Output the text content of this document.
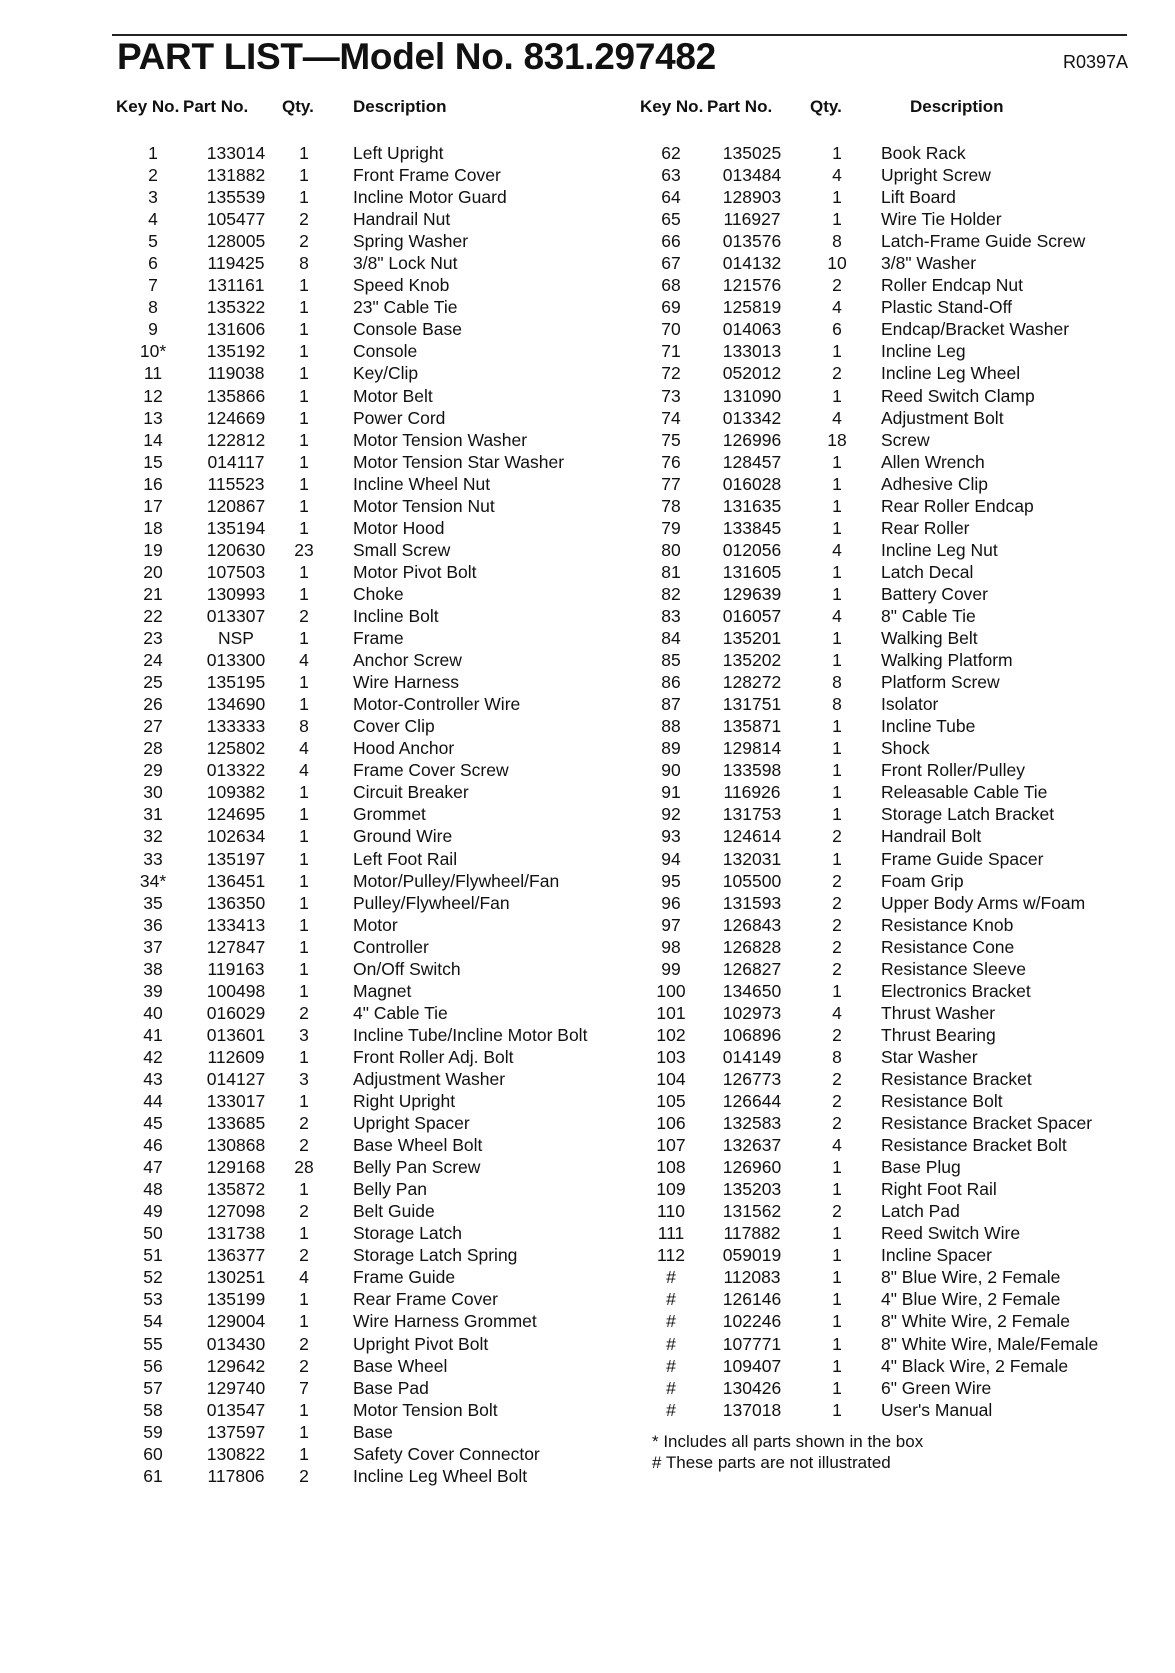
PART LIST—Model No. 831.297482	R0397A
Key No. Part No. Qty. Description	Key No. Part No. Qty.	Description
1	133014	1	Left Upright
2	131882	1	Front Frame Cover
3	135539	1	Incline Motor Guard
4	105477	2	Handrail Nut
5	128005	2	Spring Washer
6	119425	8	3/8" Lock Nut
7	131161	1	Speed Knob
8	135322	1	23" Cable Tie
9	131606	1	Console Base
10*	135192	1	Console
11	119038	1	Key/Clip
12	135866	1	Motor Belt
13	124669	1	Power Cord
14	122812	1	Motor Tension Washer
15	014117	1	Motor Tension Star Washer
16	115523	1	Incline Wheel Nut
17	120867	1	Motor Tension Nut
18	135194	1	Motor Hood
19	120630	23	Small Screw
20	107503	1	Motor Pivot Bolt
21	130993	1	Choke
22	013307	2	Incline Bolt
23	NSP	1	Frame
24	013300	4	Anchor Screw
25	135195	1	Wire Harness
26	134690	1	Motor-Controller Wire
27	133333	8	Cover Clip
28	125802	4	Hood Anchor
29	013322	4	Frame Cover Screw
30	109382	1	Circuit Breaker
31	124695	1	Grommet
32	102634	1	Ground Wire
33	135197	1	Left Foot Rail
34*	136451	1	Motor/Pulley/Flywheel/Fan
35	136350	1	Pulley/Flywheel/Fan
36	133413	1	Motor
37	127847	1	Controller
38	119163	1	On/Off Switch
39	100498	1	Magnet
40	016029	2	4" Cable Tie
41	013601	3	Incline Tube/Incline Motor Bolt
42	112609	1	Front Roller Adj. Bolt
43	014127	3	Adjustment Washer
44	133017	1	Right Upright
45	133685	2	Upright Spacer
46	130868	2	Base Wheel Bolt
47	129168	28	Belly Pan Screw
48	135872	1	Belly Pan
49	127098	2	Belt Guide
50	131738	1	Storage Latch
51	136377	2	Storage Latch Spring
52	130251	4	Frame Guide
53	135199	1	Rear Frame Cover
54	129004	1	Wire Harness Grommet
55	013430	2	Upright Pivot Bolt
56	129642	2	Base Wheel
57	129740	7	Base Pad
58	013547	1	Motor Tension Bolt
59	137597	1	Base
60	130822	1	Safety Cover Connector
61	117806	2	Incline Leg Wheel Bolt
62	135025	1	Book Rack
63	013484	4	Upright Screw
64	128903	1	Lift Board
65	116927	1	Wire Tie Holder
66	013576	8	Latch-Frame Guide Screw
67	014132	10	3/8" Washer
68	121576	2	Roller Endcap Nut
69	125819	4	Plastic Stand-Off
70	014063	6	Endcap/Bracket Washer
71	133013	1	Incline Leg
72	052012	2	Incline Leg Wheel
73	131090	1	Reed Switch Clamp
74	013342	4	Adjustment Bolt
75	126996	18	Screw
76	128457	1	Allen Wrench
77	016028	1	Adhesive Clip
78	131635	1	Rear Roller Endcap
79	133845	1	Rear Roller
80	012056	4	Incline Leg Nut
81	131605	1	Latch Decal
82	129639	1	Battery Cover
83	016057	4	8" Cable Tie
84	135201	1	Walking Belt
85	135202	1	Walking Platform
86	128272	8	Platform Screw
87	131751	8	Isolator
88	135871	1	Incline Tube
89	129814	1	Shock
90	133598	1	Front Roller/Pulley
91	116926	1	Releasable Cable Tie
92	131753	1	Storage Latch Bracket
93	124614	2	Handrail Bolt
94	132031	1	Frame Guide Spacer
95	105500	2	Foam Grip
96	131593	2	Upper Body Arms w/Foam
97	126843	2	Resistance Knob
98	126828	2	Resistance Cone
99	126827	2	Resistance Sleeve
100	134650	1	Electronics Bracket
101	102973	4	Thrust Washer
102	106896	2	Thrust Bearing
103	014149	8	Star Washer
104	126773	2	Resistance Bracket
105	126644	2	Resistance Bolt
106	132583	2	Resistance Bracket Spacer
107	132637	4	Resistance Bracket Bolt
108	126960	1	Base Plug
109	135203	1	Right Foot Rail
110	131562	2	Latch Pad
111	117882	1	Reed Switch Wire
112	059019	1	Incline Spacer
#	112083	1	8" Blue Wire, 2 Female
#	126146	1	4" Blue Wire, 2 Female
#	102246	1	8" White Wire, 2 Female
#	107771	1	8" White Wire, Male/Female
#	109407	1	4" Black Wire, 2 Female
#	130426	1	6" Green Wire
#	137018	1	User's Manual
* Includes all parts shown in the box
# These parts are not illustrated
